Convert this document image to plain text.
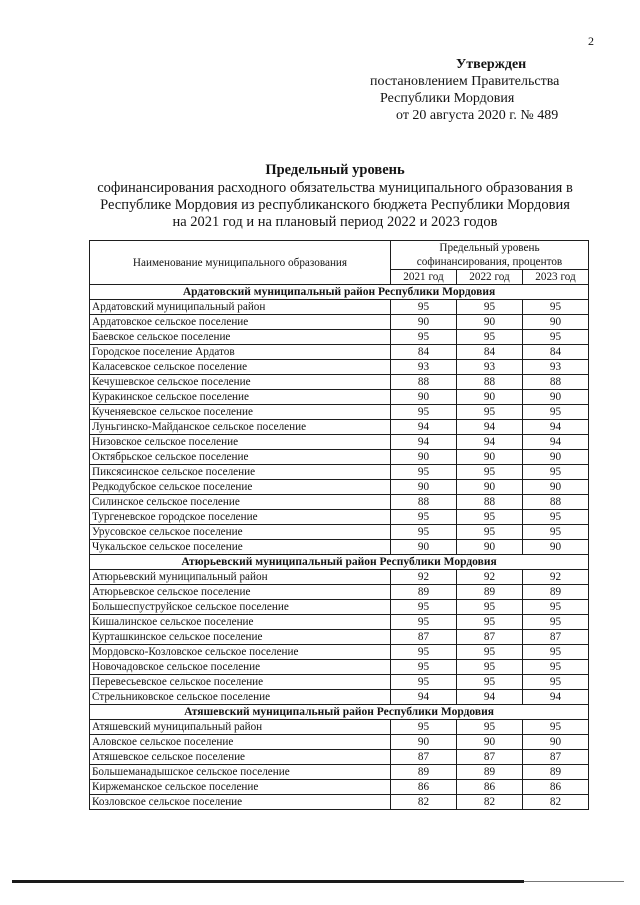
2
Утвержден
постановлением Правительства
Республики Мордовия
от 20 августа 2020 г. № 489
Предельный уровень
софинансирования расходного обязательства муниципального образования в
Республике Мордовия из республиканского бюджета Республики Мордовия
на 2021 год и на плановый период 2022 и 2023 годов
Наименование муниципального образования	Предельный уровень софинансирования, процентов		
	2021 год	2022 год	2023 год
Ардатовский муниципальный район Республики Мордовия			
Ардатовский муниципальный район	95	95	95
Ардатовское сельское поселение	90	90	90
Баевское сельское поселение	95	95	95
Городское поселение Ардатов	84	84	84
Каласевское сельское поселение	93	93	93
Кечушевское сельское поселение	88	88	88
Куракинское сельское поселение	90	90	90
Кученяевское сельское поселение	95	95	95
Луньгинско-Майданское сельское поселение	94	94	94
Низовское сельское поселение	94	94	94
Октябрьское сельское поселение	90	90	90
Пиксясинское сельское поселение	95	95	95
Редкодубское сельское поселение	90	90	90
Силинское сельское поселение	88	88	88
Тургеневское городское поселение	95	95	95
Урусовское сельское поселение	95	95	95
Чукальское сельское поселение	90	90	90
Атюрьевский муниципальный район Республики Мордовия			
Атюрьевский муниципальный район	92	92	92
Атюрьевское сельское поселение	89	89	89
Большеспуструйское сельское поселение	95	95	95
Кишалинское сельское поселение	95	95	95
Курташкинское сельское поселение	87	87	87
Мордовско-Козловское сельское поселение	95	95	95
Новочадовское сельское поселение	95	95	95
Перевесьевское сельское поселение	95	95	95
Стрельниковское сельское поселение	94	94	94
Атяшевский муниципальный район Республики Мордовия			
Атяшевский муниципальный район	95	95	95
Аловское сельское поселение	90	90	90
Атяшевское сельское поселение	87	87	87
Большеманадышское сельское поселение	89	89	89
Киржеманское сельское поселение	86	86	86
Козловское сельское поселение	82	82	82
